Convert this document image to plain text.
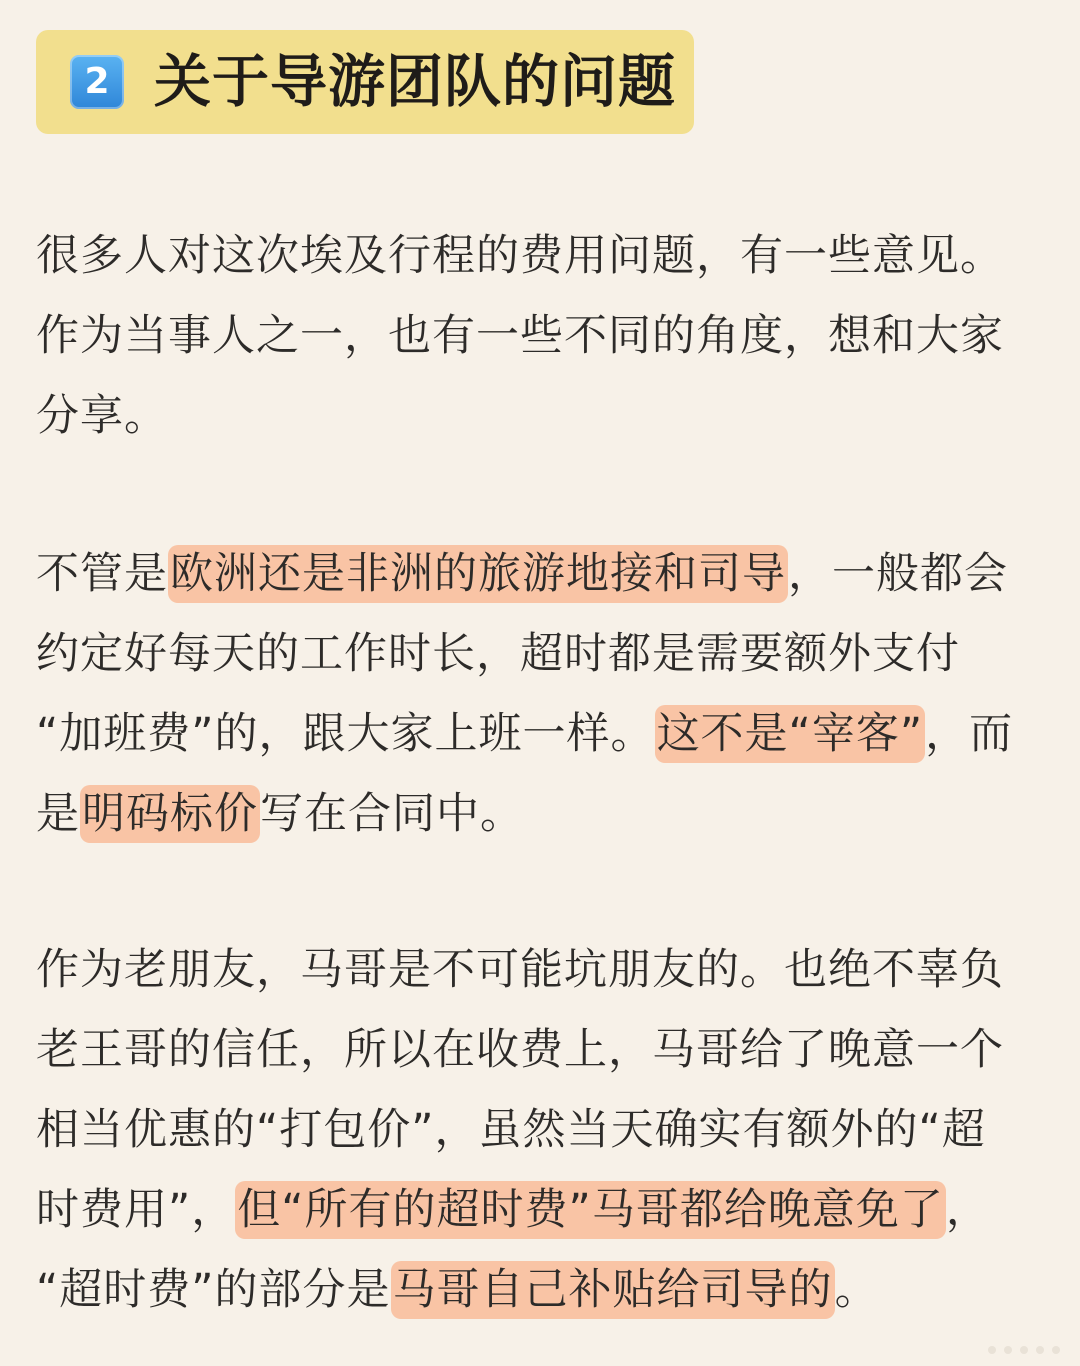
2 关于导游团队的问题
很多人对这次埃及行程的费用问题，有一些意见。
作为当事人之一，也有一些不同的角度，想和大家
分享。
不管是欧洲还是非洲的旅游地接和司导，一般都会
约定好每天的工作时长，超时都是需要额外支付
“加班费”的，跟大家上班一样。这不是“宰客”，而
是明码标价写在合同中。
作为老朋友，马哥是不可能坑朋友的。也绝不辜负
老王哥的信任，所以在收费上，马哥给了晚意一个
相当优惠的“打包价”，虽然当天确实有额外的“超
时费用”，但“所有的超时费”马哥都给晚意免了，
“超时费”的部分是马哥自己补贴给司导的。
